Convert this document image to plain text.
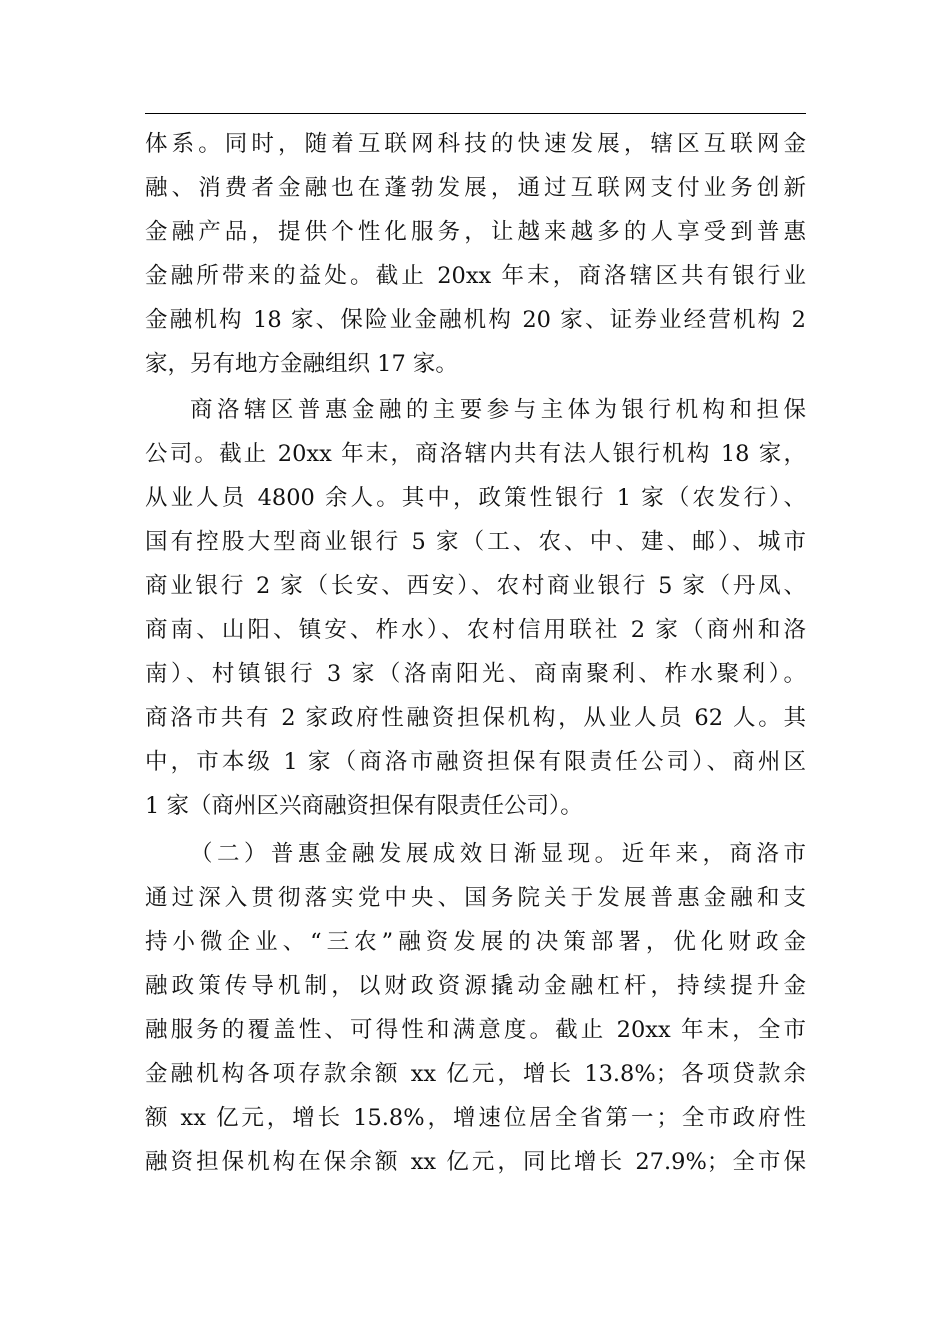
体系。同时，随着互联网科技的快速发展，辖区互联网金
融、消费者金融也在蓬勃发展，通过互联网支付业务创新
金融产品，提供个性化服务，让越来越多的人享受到普惠
金融所带来的益处。截止 20xx 年末，商洛辖区共有银行业
金融机构 18 家、保险业金融机构 20 家、证券业经营机构 2
家，另有地方金融组织 17 家。
商洛辖区普惠金融的主要参与主体为银行机构和担保
公司。截止 20xx 年末，商洛辖内共有法人银行机构 18 家，
从业人员 4800 余人。其中，政策性银行 1 家（农发行）、
国有控股大型商业银行 5 家（工、农、中、建、邮）、城市
商业银行 2 家（长安、西安）、农村商业银行 5 家（丹凤、
商南、山阳、镇安、柞水）、农村信用联社 2 家（商州和洛
南）、村镇银行 3 家（洛南阳光、商南聚利、柞水聚利）。
商洛市共有 2 家政府性融资担保机构，从业人员 62 人。其
中，市本级 1 家（商洛市融资担保有限责任公司）、商州区
1 家（商州区兴商融资担保有限责任公司）。
（二）普惠金融发展成效日渐显现。近年来，商洛市
通过深入贯彻落实党中央、国务院关于发展普惠金融和支
持小微企业、“三农”融资发展的决策部署，优化财政金
融政策传导机制，以财政资源撬动金融杠杆，持续提升金
融服务的覆盖性、可得性和满意度。截止 20xx 年末，全市
金融机构各项存款余额 xx 亿元，增长 13.8%；各项贷款余
额 xx 亿元，增长 15.8%，增速位居全省第一；全市政府性
融资担保机构在保余额 xx 亿元，同比增长 27.9%；全市保
